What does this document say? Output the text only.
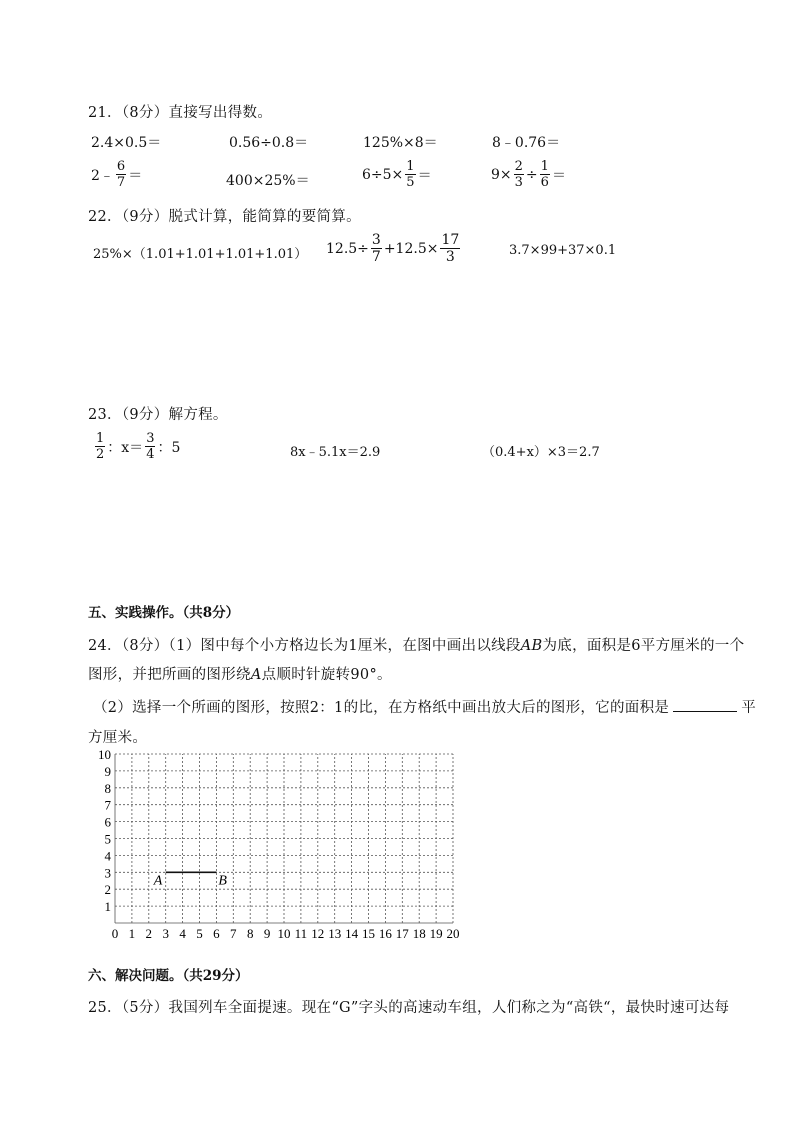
21．（8分）直接写出得数。
2.4×0.5＝	0.56÷0.8＝	125%×8＝	8﹣0.76＝
2﹣ $\frac{6}{7}$ ＝	400×25%＝	$6\div 5\times \frac{1}{5}$ ＝	$9\times \frac{2}{3} \div \frac{1}{6}$ ＝
22．（9分）脱式计算，能简算的要简算。
25%×（1.01+1.01+1.01+1.01） $12.5\div \frac{3}{7} +12.5\times \frac{17}{3}$	3.7×99+37×0.1
23．（9分）解方程。
$\frac{1}{2}$ ：$x= \frac{3}{4}$ ：5	8x﹣5.1x＝2.9	（0.4+x）×3＝2.7
五、实践操作。（共8分）
24．（8分）（1）图中每个小方格边长为1厘米，在图中画出以线段AB为底，面积是6平方厘米的一个
图形，并把所画的图形绕A点顺时针旋转90°。
（2）选择一个所画的图形，按照2：1的比，在方格纸中画出放大后的图形，它的面积是	平
方厘米。
A	B
0 1 2 3 4 5 6 7 8 9 10 11 12 13 14 15 16 17 18 19 20
1
2
3
4
5
6
7
8
9
10
六、解决问题。（共29分）
25．（5分）我国列车全面提速。现在“G”字头的高速动车组，人们称之为“高铁“，最快时速可达每
